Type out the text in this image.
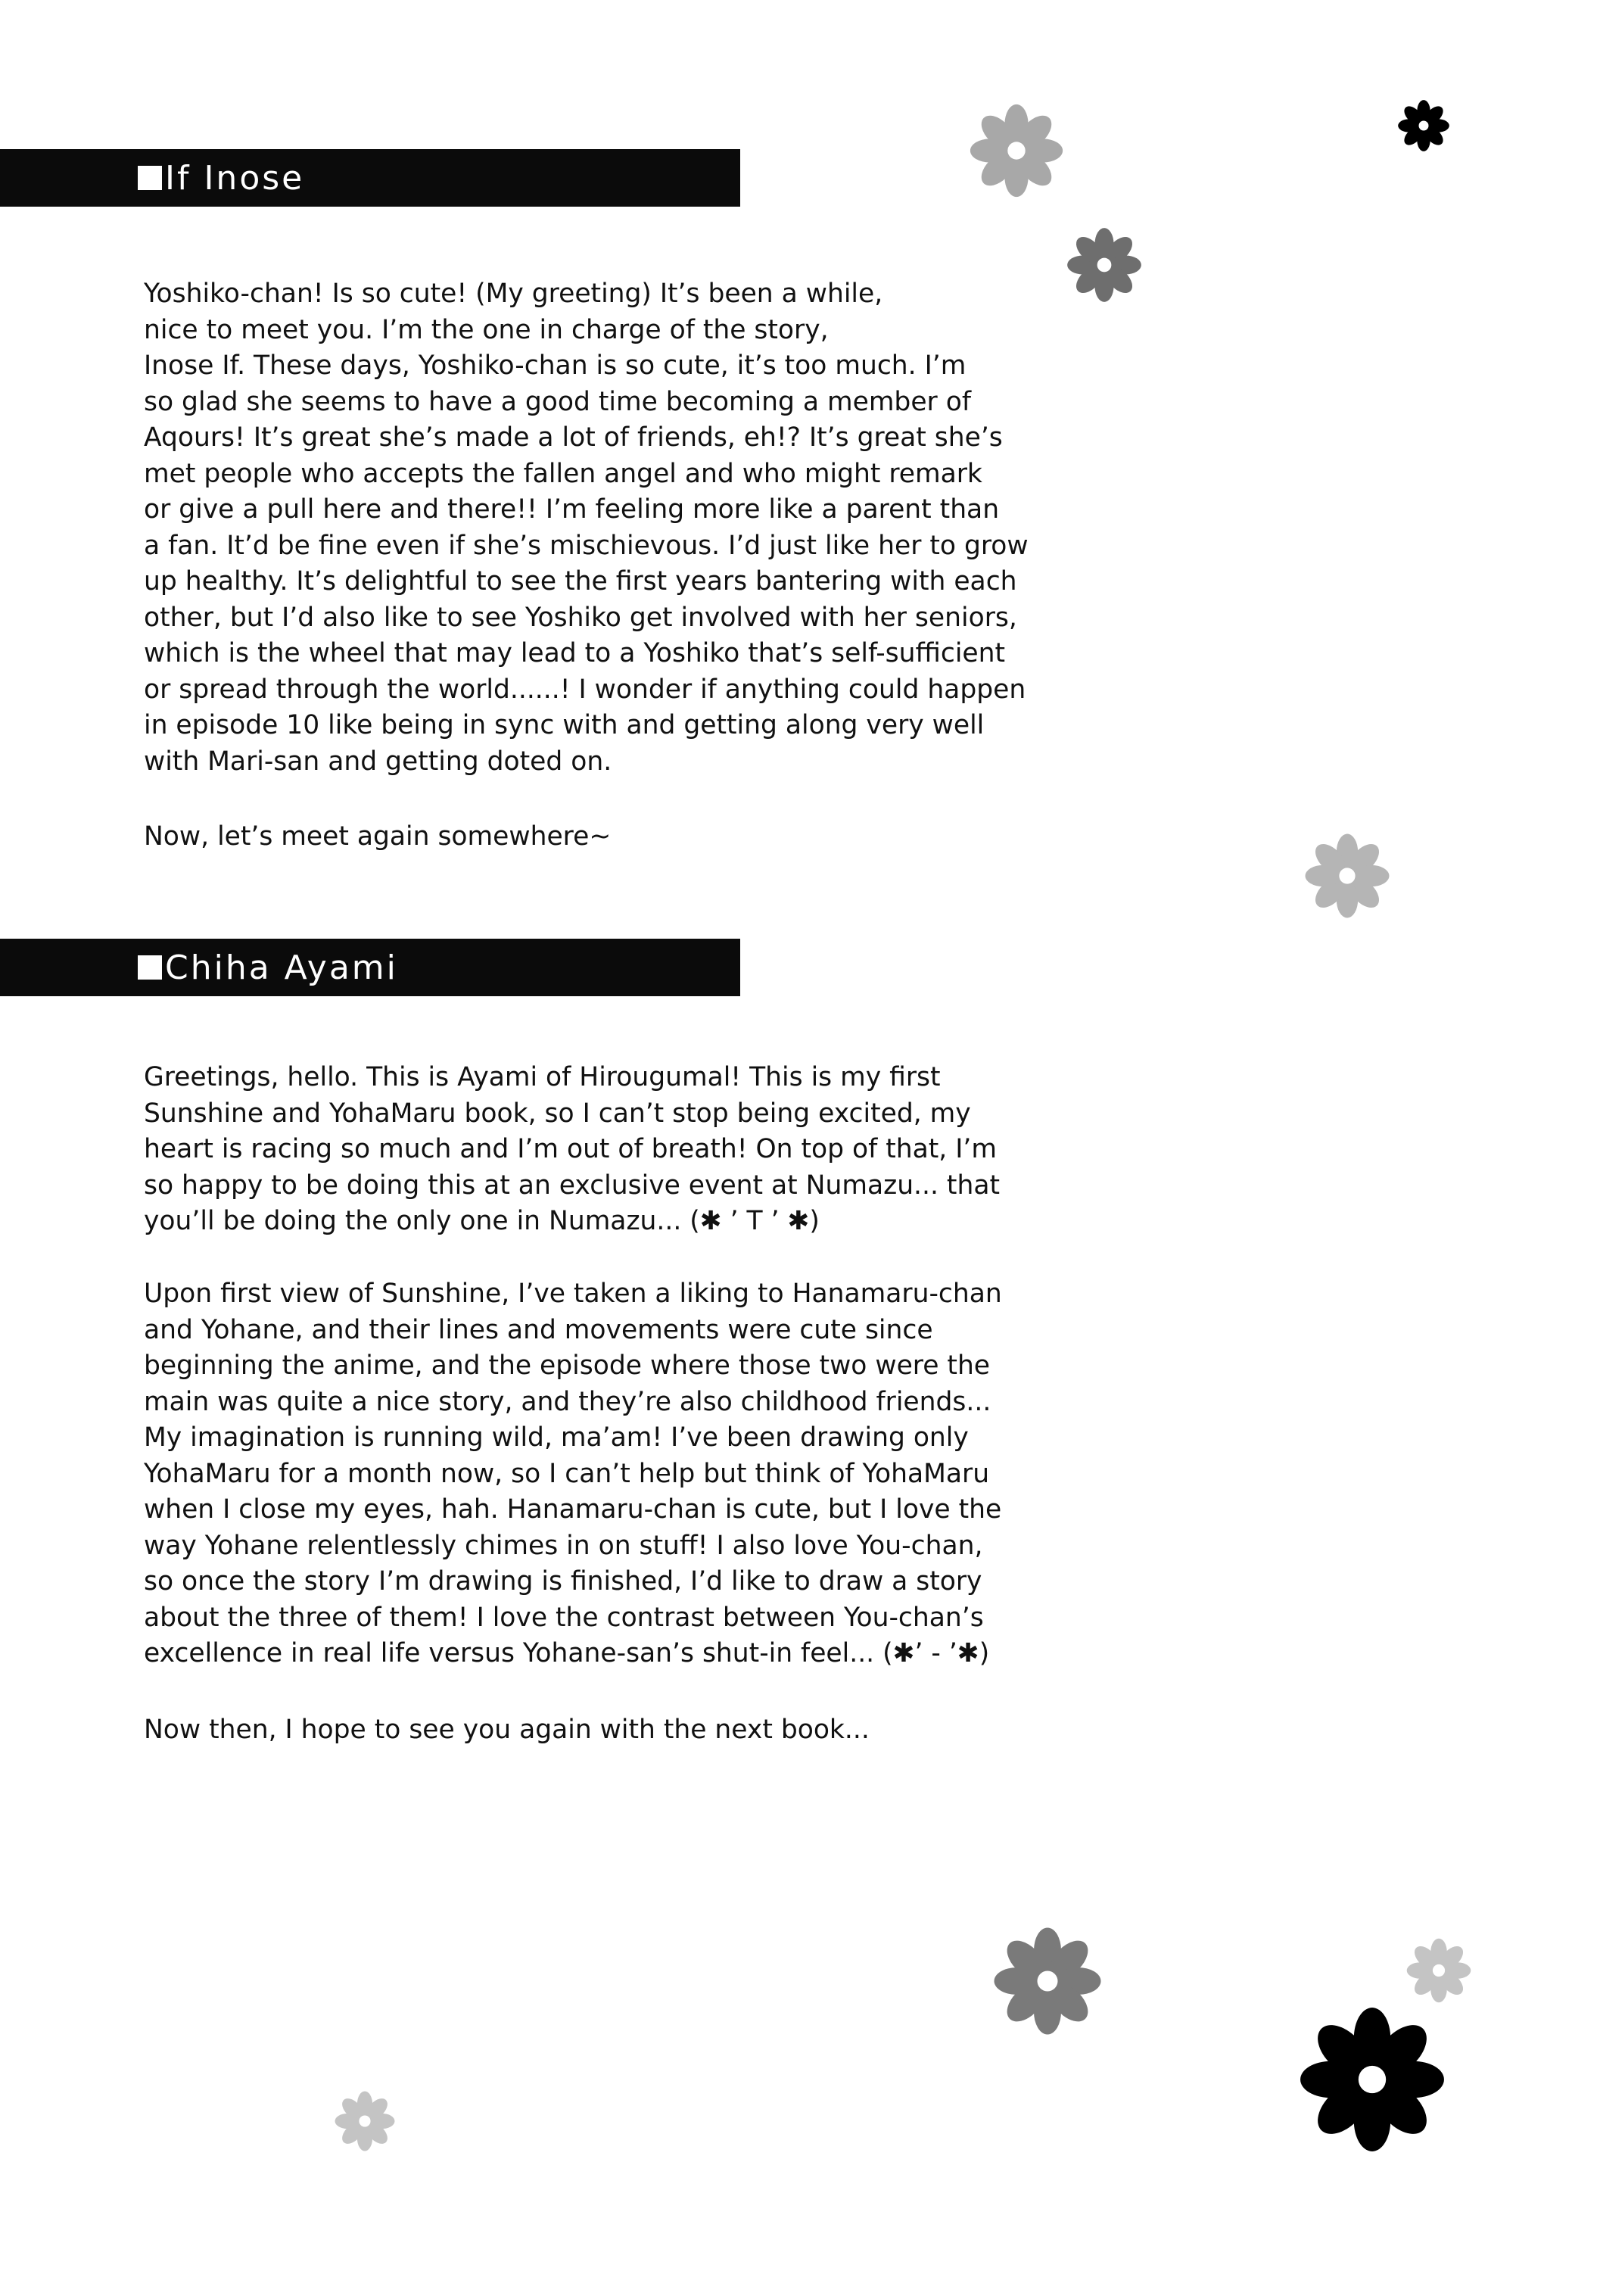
If Inose
Yoshiko-chan! Is so cute! (My greeting) It’s been a while,
nice to meet you. I’m the one in charge of the story,
Inose If. These days, Yoshiko-chan is so cute, it’s too much. I’m
so glad she seems to have a good time becoming a member of
Aqours! It’s great she’s made a lot of friends, eh!? It’s great she’s
met people who accepts the fallen angel and who might remark
or give a pull here and there!! I’m feeling more like a parent than
a fan. It’d be fine even if she’s mischievous. I’d just like her to grow
up healthy. It’s delightful to see the first years bantering with each
other, but I’d also like to see Yoshiko get involved with her seniors,
which is the wheel that may lead to a Yoshiko that’s self-sufficient
or spread through the world......! I wonder if anything could happen
in episode 10 like being in sync with and getting along very well
with Mari-san and getting doted on.
Now, let’s meet again somewhere~
Chiha Ayami
Greetings, hello. This is Ayami of Hirougumal! This is my first
Sunshine and YohaMaru book, so I can’t stop being excited, my
heart is racing so much and I’m out of breath! On top of that, I’m
so happy to be doing this at an exclusive event at Numazu... that
you’ll be doing the only one in Numazu... (✱ ’ T ’ ✱)
Upon first view of Sunshine, I’ve taken a liking to Hanamaru-chan
and Yohane, and their lines and movements were cute since
beginning the anime, and the episode where those two were the
main was quite a nice story, and they’re also childhood friends...
My imagination is running wild, ma’am! I’ve been drawing only
YohaMaru for a month now, so I can’t help but think of YohaMaru
when I close my eyes, hah. Hanamaru-chan is cute, but I love the
way Yohane relentlessly chimes in on stuff! I also love You-chan,
so once the story I’m drawing is finished, I’d like to draw a story
about the three of them! I love the contrast between You-chan’s
excellence in real life versus Yohane-san’s shut-in feel... (✱’ - ’✱)
Now then, I hope to see you again with the next book...
